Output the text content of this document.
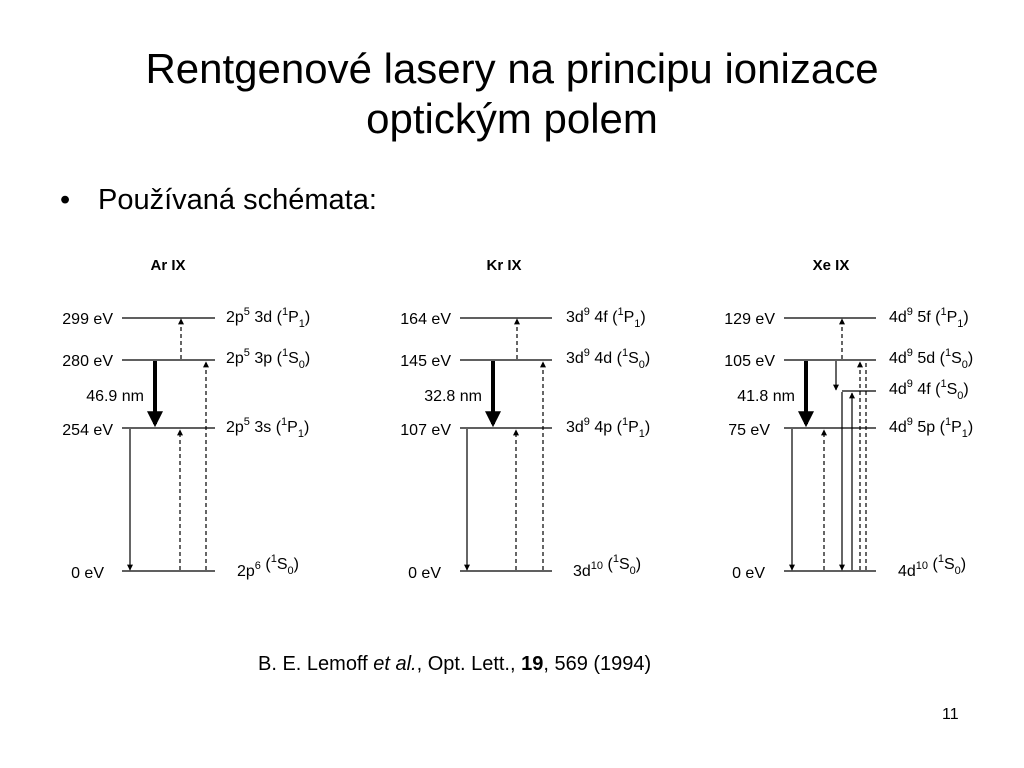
Rentgenové lasery na principu ionizace
optickým polem
• Používaná schémata:
Ar IX
299 eV
280 eV
254 eV
0 eV
46.9 nm
$2p^5$ 3d $(^1P_1)$
$2p^5$ 3p $(^1S_0)$
$2p^5$ 3s $(^1P_1)$
$2p^6$ $(^1S_0)$
Kr IX
164 eV
145 eV
107 eV
0 eV
32.8 nm
$3d^9$ 4f $(^1P_1)$
$3d^9$ 4d $(^1S_0)$
$3d^9$ 4p $(^1P_1)$
$3d^{10}$ $(^1S_0)$
Xe IX
129 eV
105 eV
75 eV
0 eV
41.8 nm
$4d^9$ 5f $(^1P_1)$
$4d^9$ 5d $(^1S_0)$
$4d^9$ 4f $(^1S_0)$
$4d^9$ 5p $(^1P_1)$
$4d^{10}$ $(^1S_0)$
B. E. Lemoff et al., Opt. Lett., 19, 569 (1994)
11
